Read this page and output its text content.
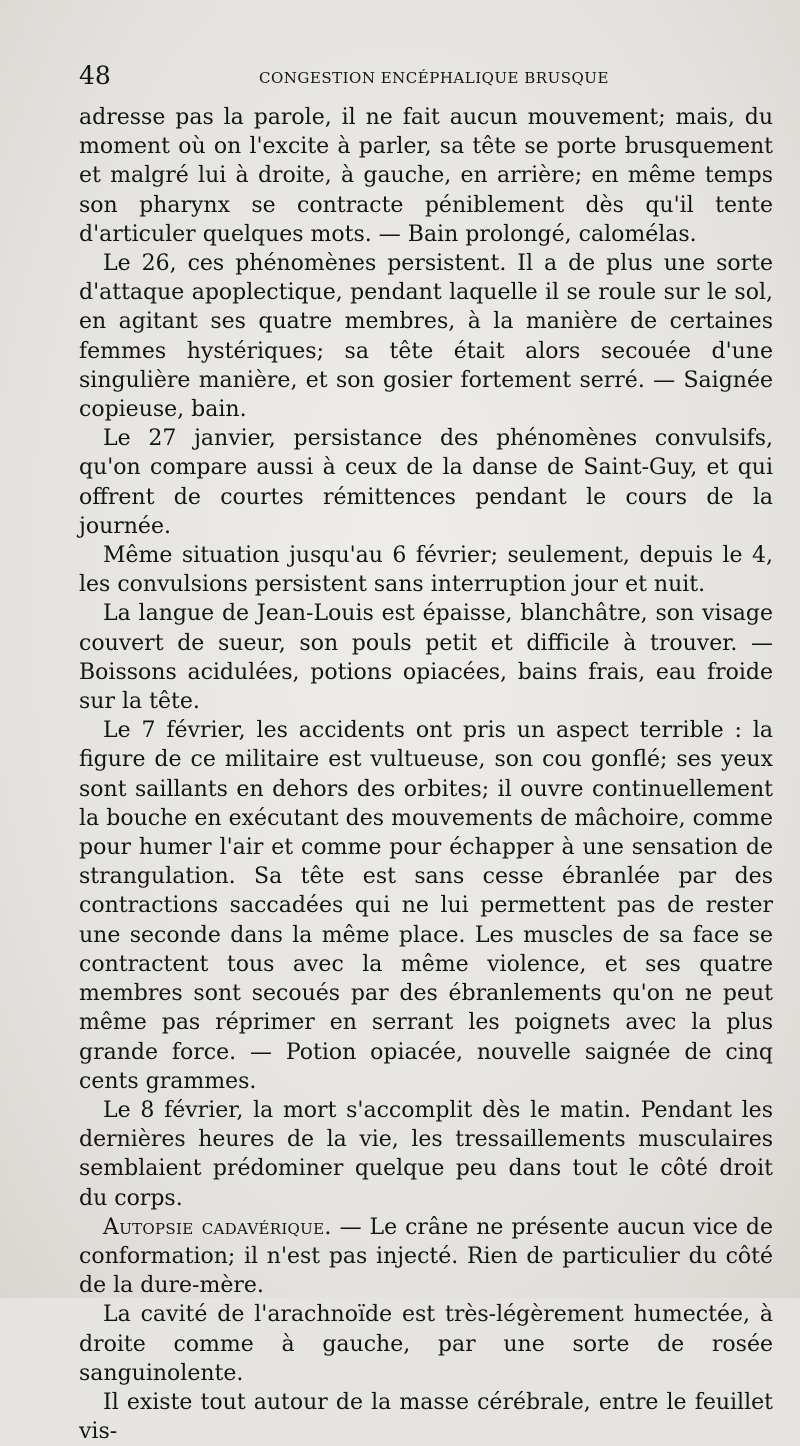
48	CONGESTION ENCÉPHALIQUE BRUSQUE

adresse pas la parole, il ne fait aucun mouvement; mais, du moment où on l'excite à parler, sa tête se porte brusquement et malgré lui à droite, à gauche, en arrière; en même temps son pharynx se contracte péniblement dès qu'il tente d'articuler quelques mots. — Bain prolongé, calomélas.

Le 26, ces phénomènes persistent. Il a de plus une sorte d'attaque apoplectique, pendant laquelle il se roule sur le sol, en agitant ses quatre membres, à la manière de certaines femmes hystériques; sa tête était alors secouée d'une singulière manière, et son gosier fortement serré. — Saignée copieuse, bain.

Le 27 janvier, persistance des phénomènes convulsifs, qu'on compare aussi à ceux de la danse de Saint-Guy, et qui offrent de courtes rémittences pendant le cours de la journée.

Même situation jusqu'au 6 février; seulement, depuis le 4, les convulsions persistent sans interruption jour et nuit.

La langue de Jean-Louis est épaisse, blanchâtre, son visage couvert de sueur, son pouls petit et difficile à trouver. — Boissons acidulées, potions opiacées, bains frais, eau froide sur la tête.

Le 7 février, les accidents ont pris un aspect terrible : la figure de ce militaire est vultueuse, son cou gonflé; ses yeux sont saillants en dehors des orbites; il ouvre continuellement la bouche en exécutant des mouvements de mâchoire, comme pour humer l'air et comme pour échapper à une sensation de strangulation. Sa tête est sans cesse ébranlée par des contractions saccadées qui ne lui permettent pas de rester une seconde dans la même place. Les muscles de sa face se contractent tous avec la même violence, et ses quatre membres sont secoués par des ébranlements qu'on ne peut même pas réprimer en serrant les poignets avec la plus grande force. — Potion opiacée, nouvelle saignée de cinq cents grammes.

Le 8 février, la mort s'accomplit dès le matin. Pendant les dernières heures de la vie, les tressaillements musculaires semblaient prédominer quelque peu dans tout le côté droit du corps.

Autopsie cadavérique. — Le crâne ne présente aucun vice de conformation; il n'est pas injecté. Rien de particulier du côté de la dure-mère.

La cavité de l'arachnoïde est très-légèrement humectée, à droite comme à gauche, par une sorte de rosée sanguinolente.

Il existe tout autour de la masse cérébrale, entre le feuillet vis-
